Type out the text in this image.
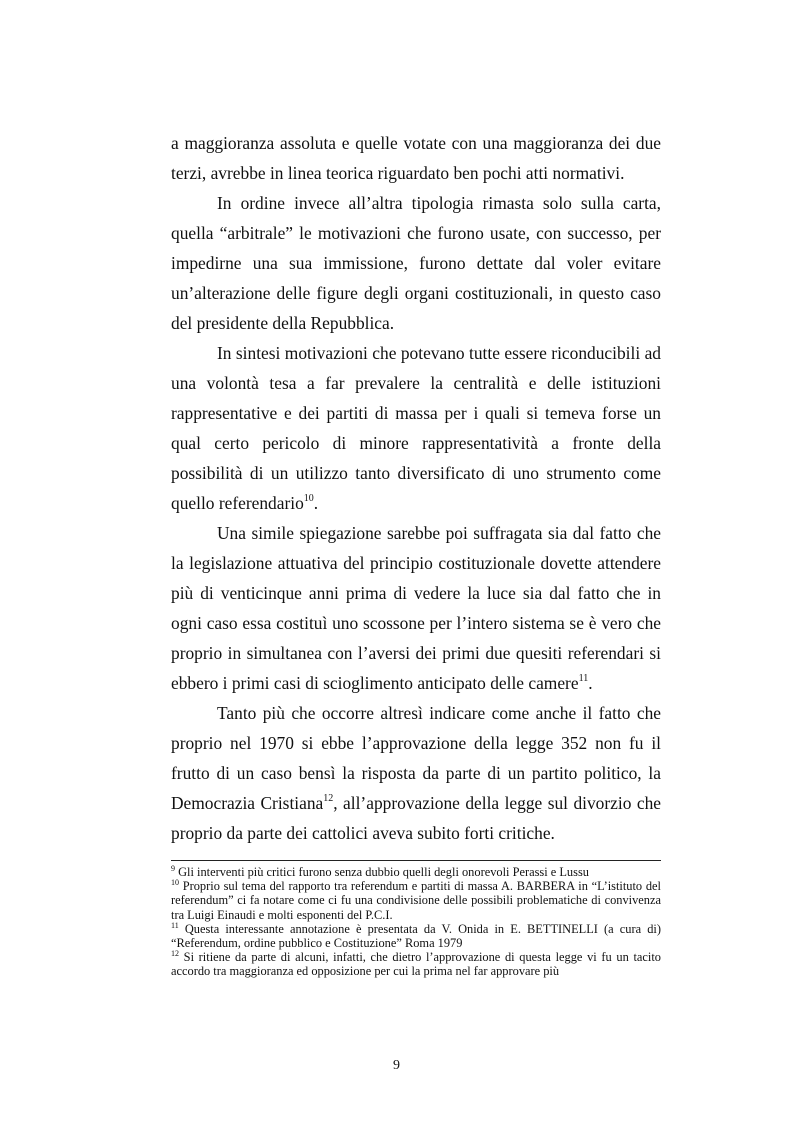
a maggioranza assoluta e quelle votate con una maggioranza dei due terzi, avrebbe in linea teorica riguardato ben pochi atti normativi.

In ordine invece all’altra tipologia rimasta solo sulla carta, quella “arbitrale” le motivazioni che furono usate, con successo, per impedirne una sua immissione, furono dettate dal voler evitare un’alterazione delle figure degli organi costituzionali, in questo caso del presidente della Repubblica.

In sintesi motivazioni che potevano tutte essere riconducibili ad una volontà tesa a far prevalere la centralità e delle istituzioni rappresentative e dei partiti di massa per i quali si temeva forse un qual certo pericolo di minore rappresentatività a fronte della possibilità di un utilizzo tanto diversificato di uno strumento come quello referendario$^{10}$.

Una simile spiegazione sarebbe poi suffragata sia dal fatto che la legislazione attuativa del principio costituzionale dovette attendere più di venticinque anni prima di vedere la luce sia dal fatto che in ogni caso essa costituì uno scossone per l’intero sistema se è vero che proprio in simultanea con l’aversi dei primi due quesiti referendari si ebbero i primi casi di scioglimento anticipato delle camere$^{11}$.

Tanto più che occorre altresì indicare come anche il fatto che proprio nel 1970 si ebbe l’approvazione della legge 352 non fu il frutto di un caso bensì la risposta da parte di un partito politico, la Democrazia Cristiana$^{12}$, all’approvazione della legge sul divorzio che proprio da parte dei cattolici aveva subito forti critiche.

$^9$ Gli interventi più critici furono senza dubbio quelli degli onorevoli Perassi e Lussu

$^{10}$ Proprio sul tema del rapporto tra referendum e partiti di massa A. BARBERA in “L’istituto del referendum” ci fa notare come ci fu una condivisione delle possibili problematiche di convivenza tra Luigi Einaudi e molti esponenti del P.C.I.

$^{11}$ Questa interessante annotazione è presentata da V. Onida in E. BETTINELLI (a cura di) “Referendum, ordine pubblico e Costituzione” Roma 1979

$^{12}$ Si ritiene da parte di alcuni, infatti, che dietro l’approvazione di questa legge vi fu un tacito accordo tra maggioranza ed opposizione per cui la prima nel far approvare più

9
